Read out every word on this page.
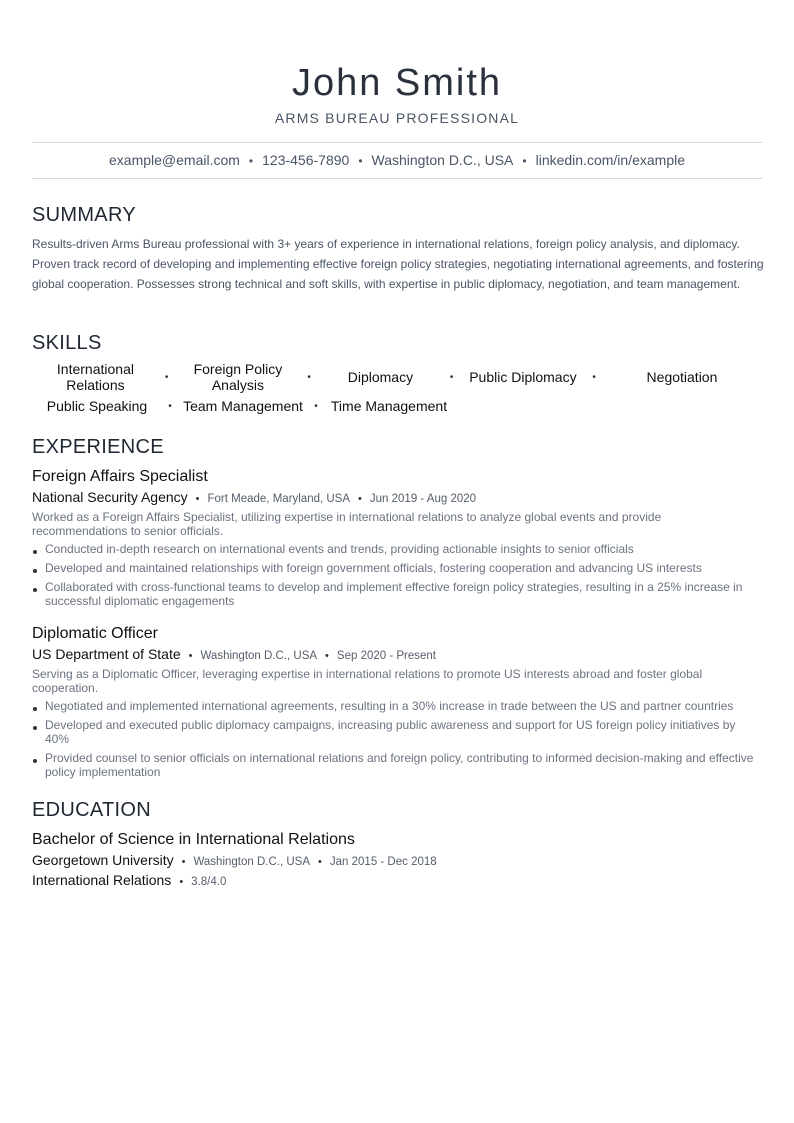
John Smith
ARMS BUREAU PROFESSIONAL
example@email.com • 123-456-7890 • Washington D.C., USA • linkedin.com/in/example
SUMMARY
Results-driven Arms Bureau professional with 3+ years of experience in international relations, foreign policy analysis, and diplomacy. Proven track record of developing and implementing effective foreign policy strategies, negotiating international agreements, and fostering global cooperation. Possesses strong technical and soft skills, with expertise in public diplomacy, negotiation, and team management.
SKILLS
International Relations	•	Foreign Policy Analysis	•	Diplomacy	•	Public Diplomacy	•	Negotiation
Public Speaking	• Team Management	• Time Management
EXPERIENCE
Foreign Affairs Specialist
National Security Agency • Fort Meade, Maryland, USA • Jun 2019 - Aug 2020
Worked as a Foreign Affairs Specialist, utilizing expertise in international relations to analyze global events and provide recommendations to senior officials.
Conducted in-depth research on international events and trends, providing actionable insights to senior officials
Developed and maintained relationships with foreign government officials, fostering cooperation and advancing US interests
Collaborated with cross-functional teams to develop and implement effective foreign policy strategies, resulting in a 25% increase in successful diplomatic engagements
Diplomatic Officer
US Department of State • Washington D.C., USA • Sep 2020 - Present
Serving as a Diplomatic Officer, leveraging expertise in international relations to promote US interests abroad and foster global cooperation.
Negotiated and implemented international agreements, resulting in a 30% increase in trade between the US and partner countries
Developed and executed public diplomacy campaigns, increasing public awareness and support for US foreign policy initiatives by 40%
Provided counsel to senior officials on international relations and foreign policy, contributing to informed decision-making and effective policy implementation
EDUCATION
Bachelor of Science in International Relations
Georgetown University • Washington D.C., USA • Jan 2015 - Dec 2018
International Relations • 3.8/4.0
